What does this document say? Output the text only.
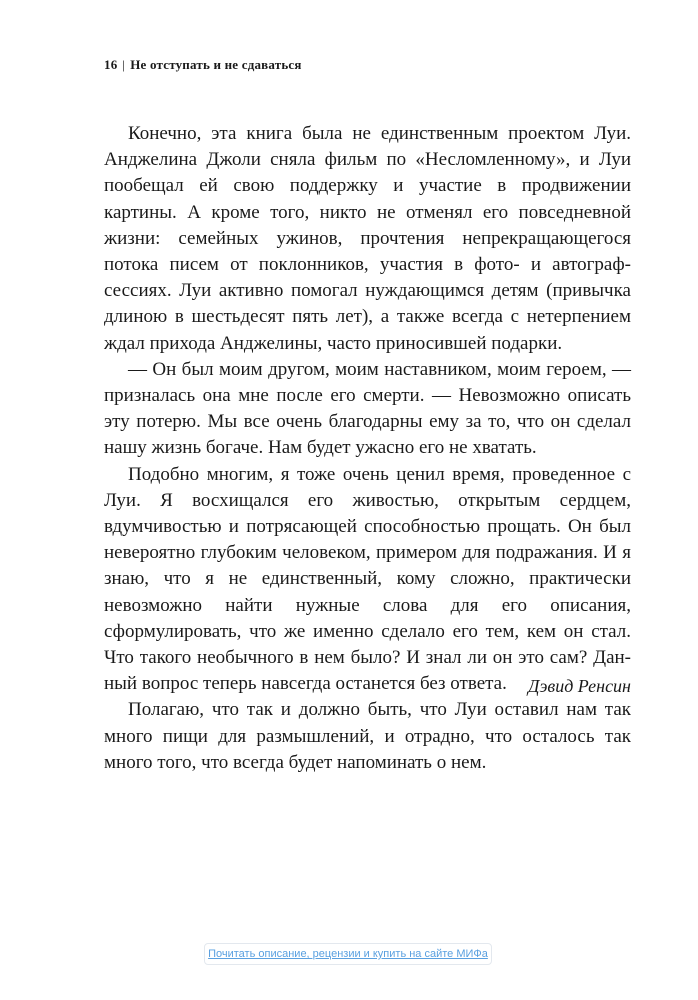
16 | Не отступать и не сдаваться

Конечно, эта книга была не единственным проектом Луи. Анджелина Джоли сняла фильм по «Несломленному», и Луи пообещал ей свою поддержку и участие в продвижении картины. А кроме того, никто не отменял его повседневной жизни: семейных ужинов, прочтения непрекращающегося потока писем от поклонников, участия в фото- и автограф-сессиях. Луи активно помогал нуждающимся детям (привычка длиною в шестьдесят пять лет), а также всегда с нетерпением ждал прихода Анджелины, часто приносившей подарки.

— Он был моим другом, моим наставником, моим героем, — призналась она мне после его смерти. — Невозможно описать эту потерю. Мы все очень благодарны ему за то, что он сделал нашу жизнь богаче. Нам будет ужасно его не хватать.

Подобно многим, я тоже очень ценил время, проведенное с Луи. Я восхищался его живостью, открытым сердцем, вдумчивостью и потрясающей способностью прощать. Он был невероятно глубоким человеком, примером для подражания. И я знаю, что я не единственный, кому сложно, практически невозможно найти нужные слова для его описания, сформулировать, что же именно сделало его тем, кем он стал. Что такого необычного в нем было? И знал ли он это сам? Данный вопрос теперь навсегда останется без ответа.

Полагаю, что так и должно быть, что Луи оставил нам так много пищи для размышлений, и отрадно, что осталось так много того, что всегда будет напоминать о нем.

Дэвид Ренсин
Почитать описание, рецензии и купить на сайте МИФа
